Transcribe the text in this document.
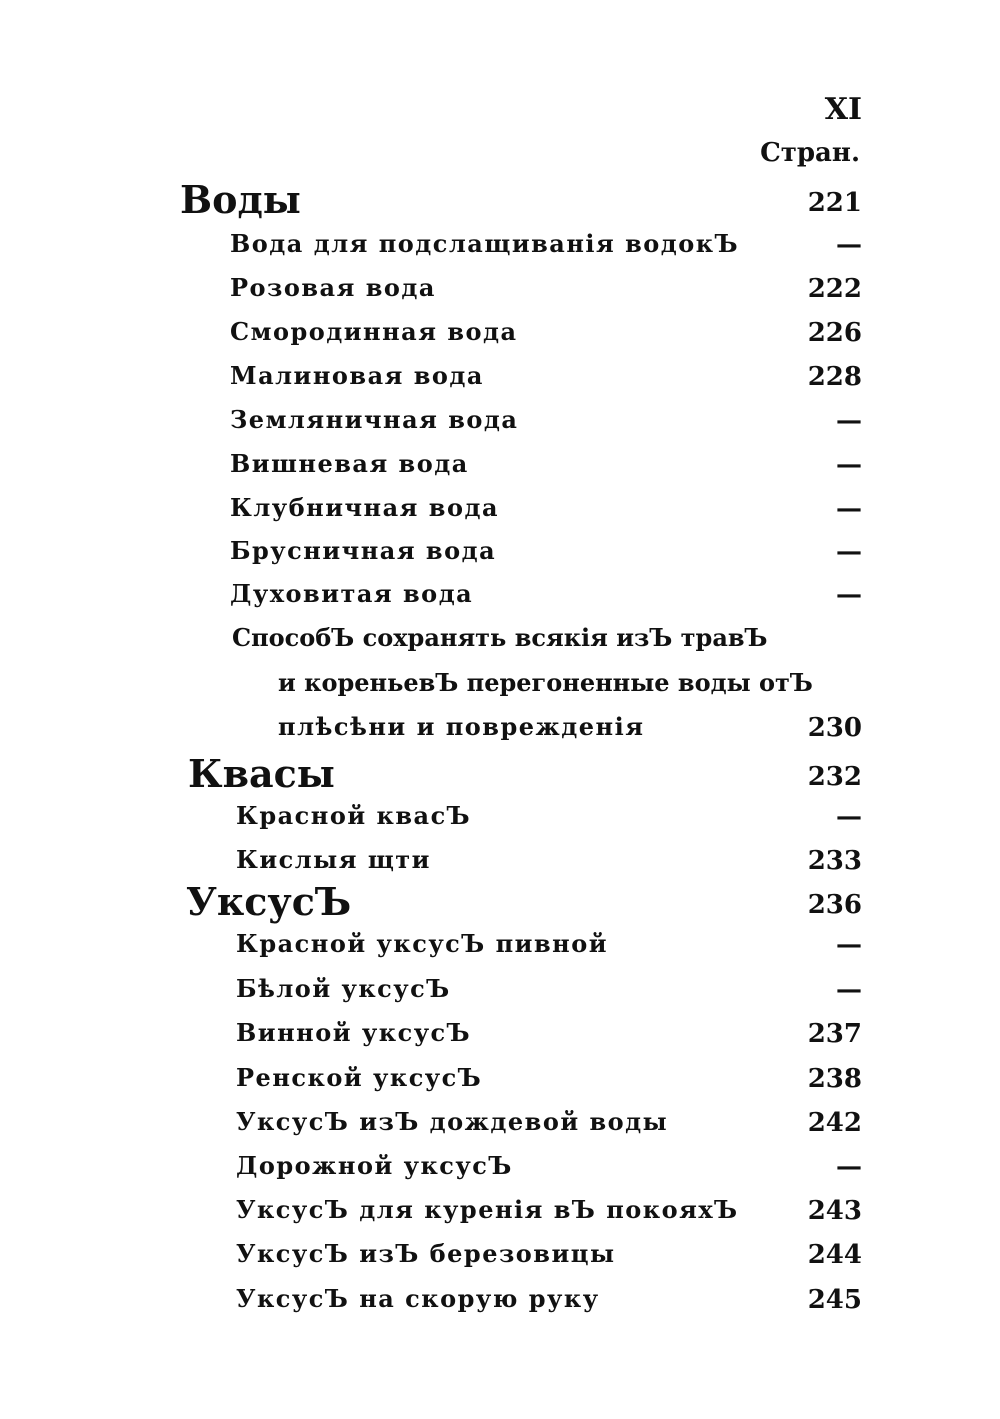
XI
Стран.
Воды	221
Вода для подслащиванія водокЪ	—
Розовая вода	222
Смородинная вода	226
Малиновая вода	228
Земляничная вода	—
Вишневая вода	—
Клубничная вода	—
Брусничная вода	—
Духовитая вода	—
СпособЪ сохранять всякія изЪ травЪ
и кореньевЪ перегоненные воды отЪ
плѣсѣни и поврежденія	230
Квасы	232
Красной квасЪ	—
Кислыя щти	233
УксусЪ	236
Красной уксусЪ пивной	—
Бѣлой уксусЪ	—
Винной уксусЪ	237
Ренской уксусЪ	238
УксусЪ изЪ дождевой воды	242
Дорожной уксусЪ	—
УксусЪ для куренія вЪ покояхЪ	243
УксусЪ изЪ березовицы	244
УксусЪ на скорую руку	245
